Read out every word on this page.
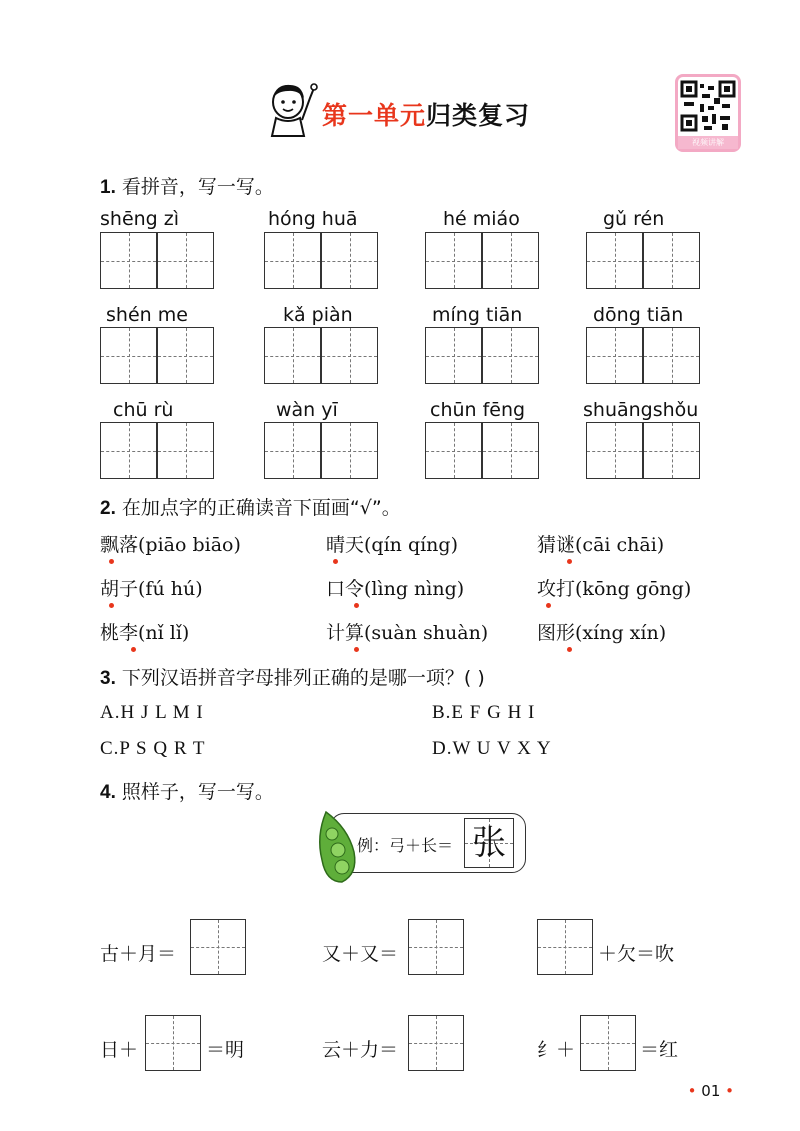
第一单元归类复习
视频讲解
1. 看拼音，写一写。
shēng zì	hóng huā	hé miáo	gǔ rén
shén me	kǎ piàn	míng tiān	dōng tiān
chū rù	wàn yī	chūn fēng	shuāngshǒu
2. 在加点字的正确读音下面画“√”。
飘落(piāo biāo)	晴天(qín qíng)	猜谜(cāi chāi)
胡子(fú hú)	口令(lìng nìng)	攻打(kōng gōng)
桃李(nǐ lǐ)	计算(suàn shuàn)	图形(xíng xín)
3. 下列汉语拼音字母排列正确的是哪一项？( )
A.H J L M I	B.E F G H I
C.P S Q R T	D.W U V X Y
4. 照样子，写一写。
例：弓＋长＝ 张
古＋月＝	又＋又＝	＋欠＝吹
日＋	＝明	云＋力＝	纟＋	＝红
• 01 •
